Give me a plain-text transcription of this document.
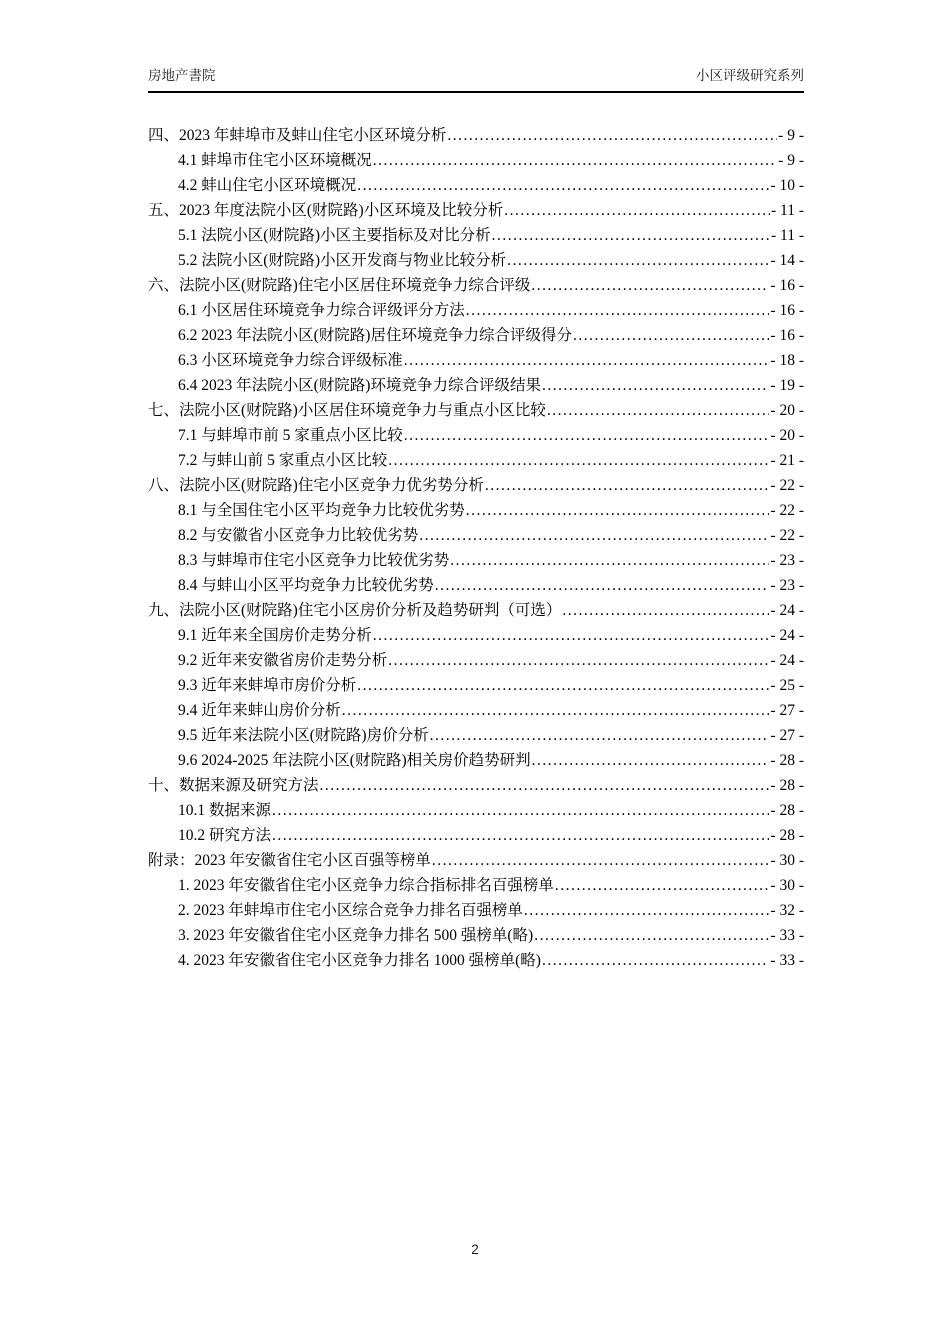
房地产書院	小区评级研究系列
四、2023 年蚌埠市及蚌山住宅小区环境分析 .....	- 9 -
4.1 蚌埠市住宅小区环境概况 .....	- 9 -
4.2 蚌山住宅小区环境概况 .....	- 10 -
五、2023 年度法院小区(财院路)小区环境及比较分析 .....	- 11 -
5.1 法院小区(财院路)小区主要指标及对比分析 .....	- 11 -
5.2 法院小区(财院路)小区开发商与物业比较分析 .....	- 14 -
六、法院小区(财院路)住宅小区居住环境竞争力综合评级 .....	- 16 -
6.1 小区居住环境竞争力综合评级评分方法 .....	- 16 -
6.2 2023 年法院小区(财院路)居住环境竞争力综合评级得分 .....	- 16 -
6.3 小区环境竞争力综合评级标准 .....	- 18 -
6.4 2023 年法院小区(财院路)环境竞争力综合评级结果 .....	- 19 -
七、法院小区(财院路)小区居住环境竞争力与重点小区比较 .....	- 20 -
7.1 与蚌埠市前 5 家重点小区比较 .....	- 20 -
7.2 与蚌山前 5 家重点小区比较 .....	- 21 -
八、法院小区(财院路)住宅小区竞争力优劣势分析 .....	- 22 -
8.1 与全国住宅小区平均竞争力比较优劣势 .....	- 22 -
8.2 与安徽省小区竞争力比较优劣势 .....	- 22 -
8.3 与蚌埠市住宅小区竞争力比较优劣势 .....	- 23 -
8.4 与蚌山小区平均竞争力比较优劣势 .....	- 23 -
九、法院小区(财院路)住宅小区房价分析及趋势研判（可选） .....	- 24 -
9.1 近年来全国房价走势分析 .....	- 24 -
9.2 近年来安徽省房价走势分析 .....	- 24 -
9.3 近年来蚌埠市房价分析 .....	- 25 -
9.4 近年来蚌山房价分析 .....	- 27 -
9.5 近年来法院小区(财院路)房价分析 .....	- 27 -
9.6 2024-2025 年法院小区(财院路)相关房价趋势研判 .....	- 28 -
十、数据来源及研究方法 .....	- 28 -
10.1 数据来源 .....	- 28 -
10.2 研究方法 .....	- 28 -
附录：2023 年安徽省住宅小区百强等榜单 .....	- 30 -
1. 2023 年安徽省住宅小区竞争力综合指标排名百强榜单 .....	- 30 -
2. 2023 年蚌埠市住宅小区综合竞争力排名百强榜单 .....	- 32 -
3. 2023 年安徽省住宅小区竞争力排名 500 强榜单(略) .....	- 33 -
4. 2023 年安徽省住宅小区竞争力排名 1000 强榜单(略) .....	- 33 -
2
